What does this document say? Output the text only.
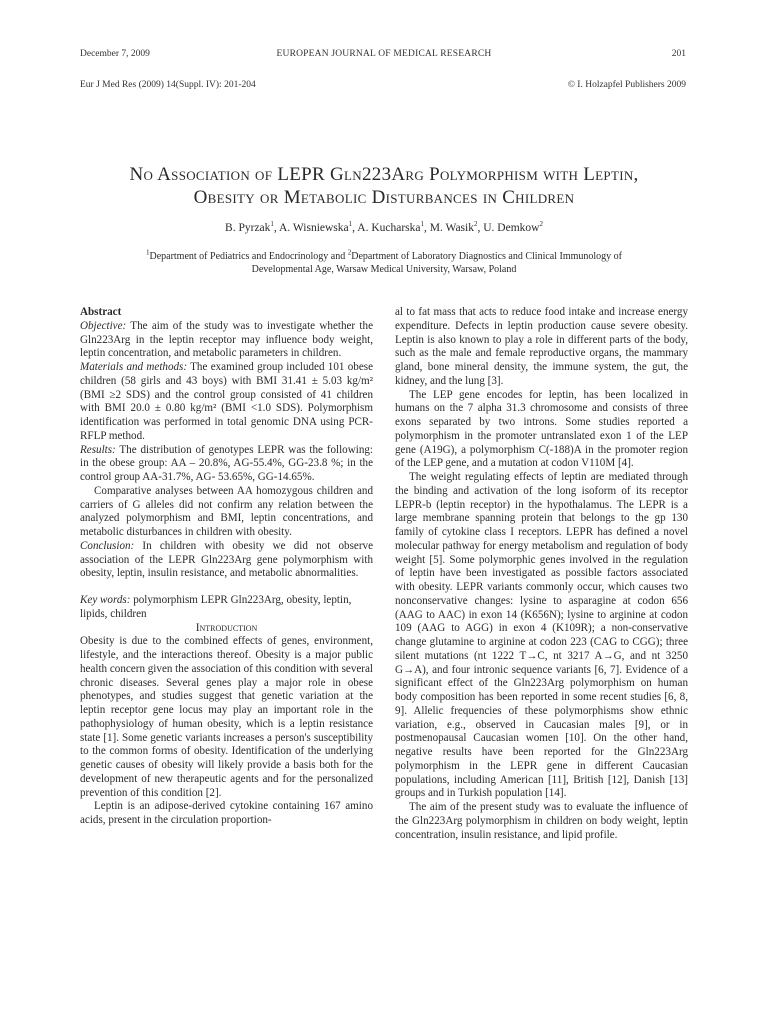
December 7, 2009	EUROPEAN JOURNAL OF MEDICAL RESEARCH	201
Eur J Med Res (2009) 14(Suppl. IV): 201-204	© I. Holzapfel Publishers 2009
No Association of LEPR Gln223Arg Polymorphism with Leptin,
Obesity or Metabolic Disturbances in Children
B. Pyrzak$^1$, A. Wisniewska$^1$, A. Kucharska$^1$, M. Wasik$^2$, U. Demkow$^2$
$^1$Department of Pediatrics and Endocrinology and $^2$Department of Laboratory Diagnostics and Clinical Immunology of Developmental Age, Warsaw Medical University, Warsaw, Poland

Abstract

Objective: The aim of the study was to investigate whether the Gln223Arg in the leptin receptor may influence body weight, leptin concentration, and metabolic parameters in children.

Materials and methods: The examined group included 101 obese children (58 girls and 43 boys) with BMI 31.41 ± 5.03 kg/m² (BMI ≥2 SDS) and the control group consisted of 41 children with BMI 20.0 ± 0.80 kg/m² (BMI <1.0 SDS). Polymorphism identification was performed in total genomic DNA using PCR-RFLP method.

Results: The distribution of genotypes LEPR was the following: in the obese group: AA – 20.8%, AG-55.4%, GG-23.8 %; in the control group AA-31.7%, AG- 53.65%, GG-14.65%.

Comparative analyses between AA homozygous children and carriers of G alleles did not confirm any relation between the analyzed polymorphism and BMI, leptin concentrations, and metabolic disturbances in children with obesity.

Conclusion: In children with obesity we did not observe association of the LEPR Gln223Arg gene polymorphism with obesity, leptin, insulin resistance, and metabolic abnormalities.

Key words: polymorphism LEPR Gln223Arg, obesity, leptin, lipids, children

Introduction

Obesity is due to the combined effects of genes, environment, lifestyle, and the interactions thereof. Obesity is a major public health concern given the association of this condition with several chronic diseases. Several genes play a major role in obese phenotypes, and studies suggest that genetic variation at the leptin receptor gene locus may play an important role in the pathophysiology of human obesity, which is a leptin resistance state [1]. Some genetic variants increases a person's susceptibility to the common forms of obesity. Identification of the underlying genetic causes of obesity will likely provide a basis both for the development of new therapeutic agents and for the personalized prevention of this condition [2].

Leptin is an adipose-derived cytokine containing 167 amino acids, present in the circulation proportion-

al to fat mass that acts to reduce food intake and increase energy expenditure. Defects in leptin production cause severe obesity. Leptin is also known to play a role in different parts of the body, such as the male and female reproductive organs, the mammary gland, bone mineral density, the immune system, the gut, the kidney, and the lung [3].

The LEP gene encodes for leptin, has been localized in humans on the 7 alpha 31.3 chromosome and consists of three exons separated by two introns. Some studies reported a polymorphism in the promoter untranslated exon 1 of the LEP gene (A19G), a polymorphism C(-188)A in the promoter region of the LEP gene, and a mutation at codon V110M [4].

The weight regulating effects of leptin are mediated through the binding and activation of the long isoform of its receptor LEPR-b (leptin receptor) in the hypothalamus. The LEPR is a large membrane spanning protein that belongs to the gp 130 family of cytokine class I receptors. LEPR has defined a novel molecular pathway for energy metabolism and regulation of body weight [5]. Some polymorphic genes involved in the regulation of leptin have been investigated as possible factors associated with obesity. LEPR variants commonly occur, which causes two nonconservative changes: lysine to asparagine at codon 656 (AAG to AAC) in exon 14 (K656N); lysine to arginine at codon 109 (AAG to AGG) in exon 4 (K109R); a non-conservative change glutamine to arginine at codon 223 (CAG to CGG); three silent mutations (nt 1222 T→C, nt 3217 A→G, and nt 3250 G→A), and four intronic sequence variants [6, 7]. Evidence of a significant effect of the Gln223Arg polymorphism on human body composition has been reported in some recent studies [6, 8, 9]. Allelic frequencies of these polymorphisms show ethnic variation, e.g., observed in Caucasian males [9], or in postmenopausal Caucasian women [10]. On the other hand, negative results have been reported for the Gln223Arg polymorphism in the LEPR gene in different Caucasian populations, including American [11], British [12], Danish [13] groups and in Turkish population [14].

The aim of the present study was to evaluate the influence of the Gln223Arg polymorphism in children on body weight, leptin concentration, insulin resistance, and lipid profile.
